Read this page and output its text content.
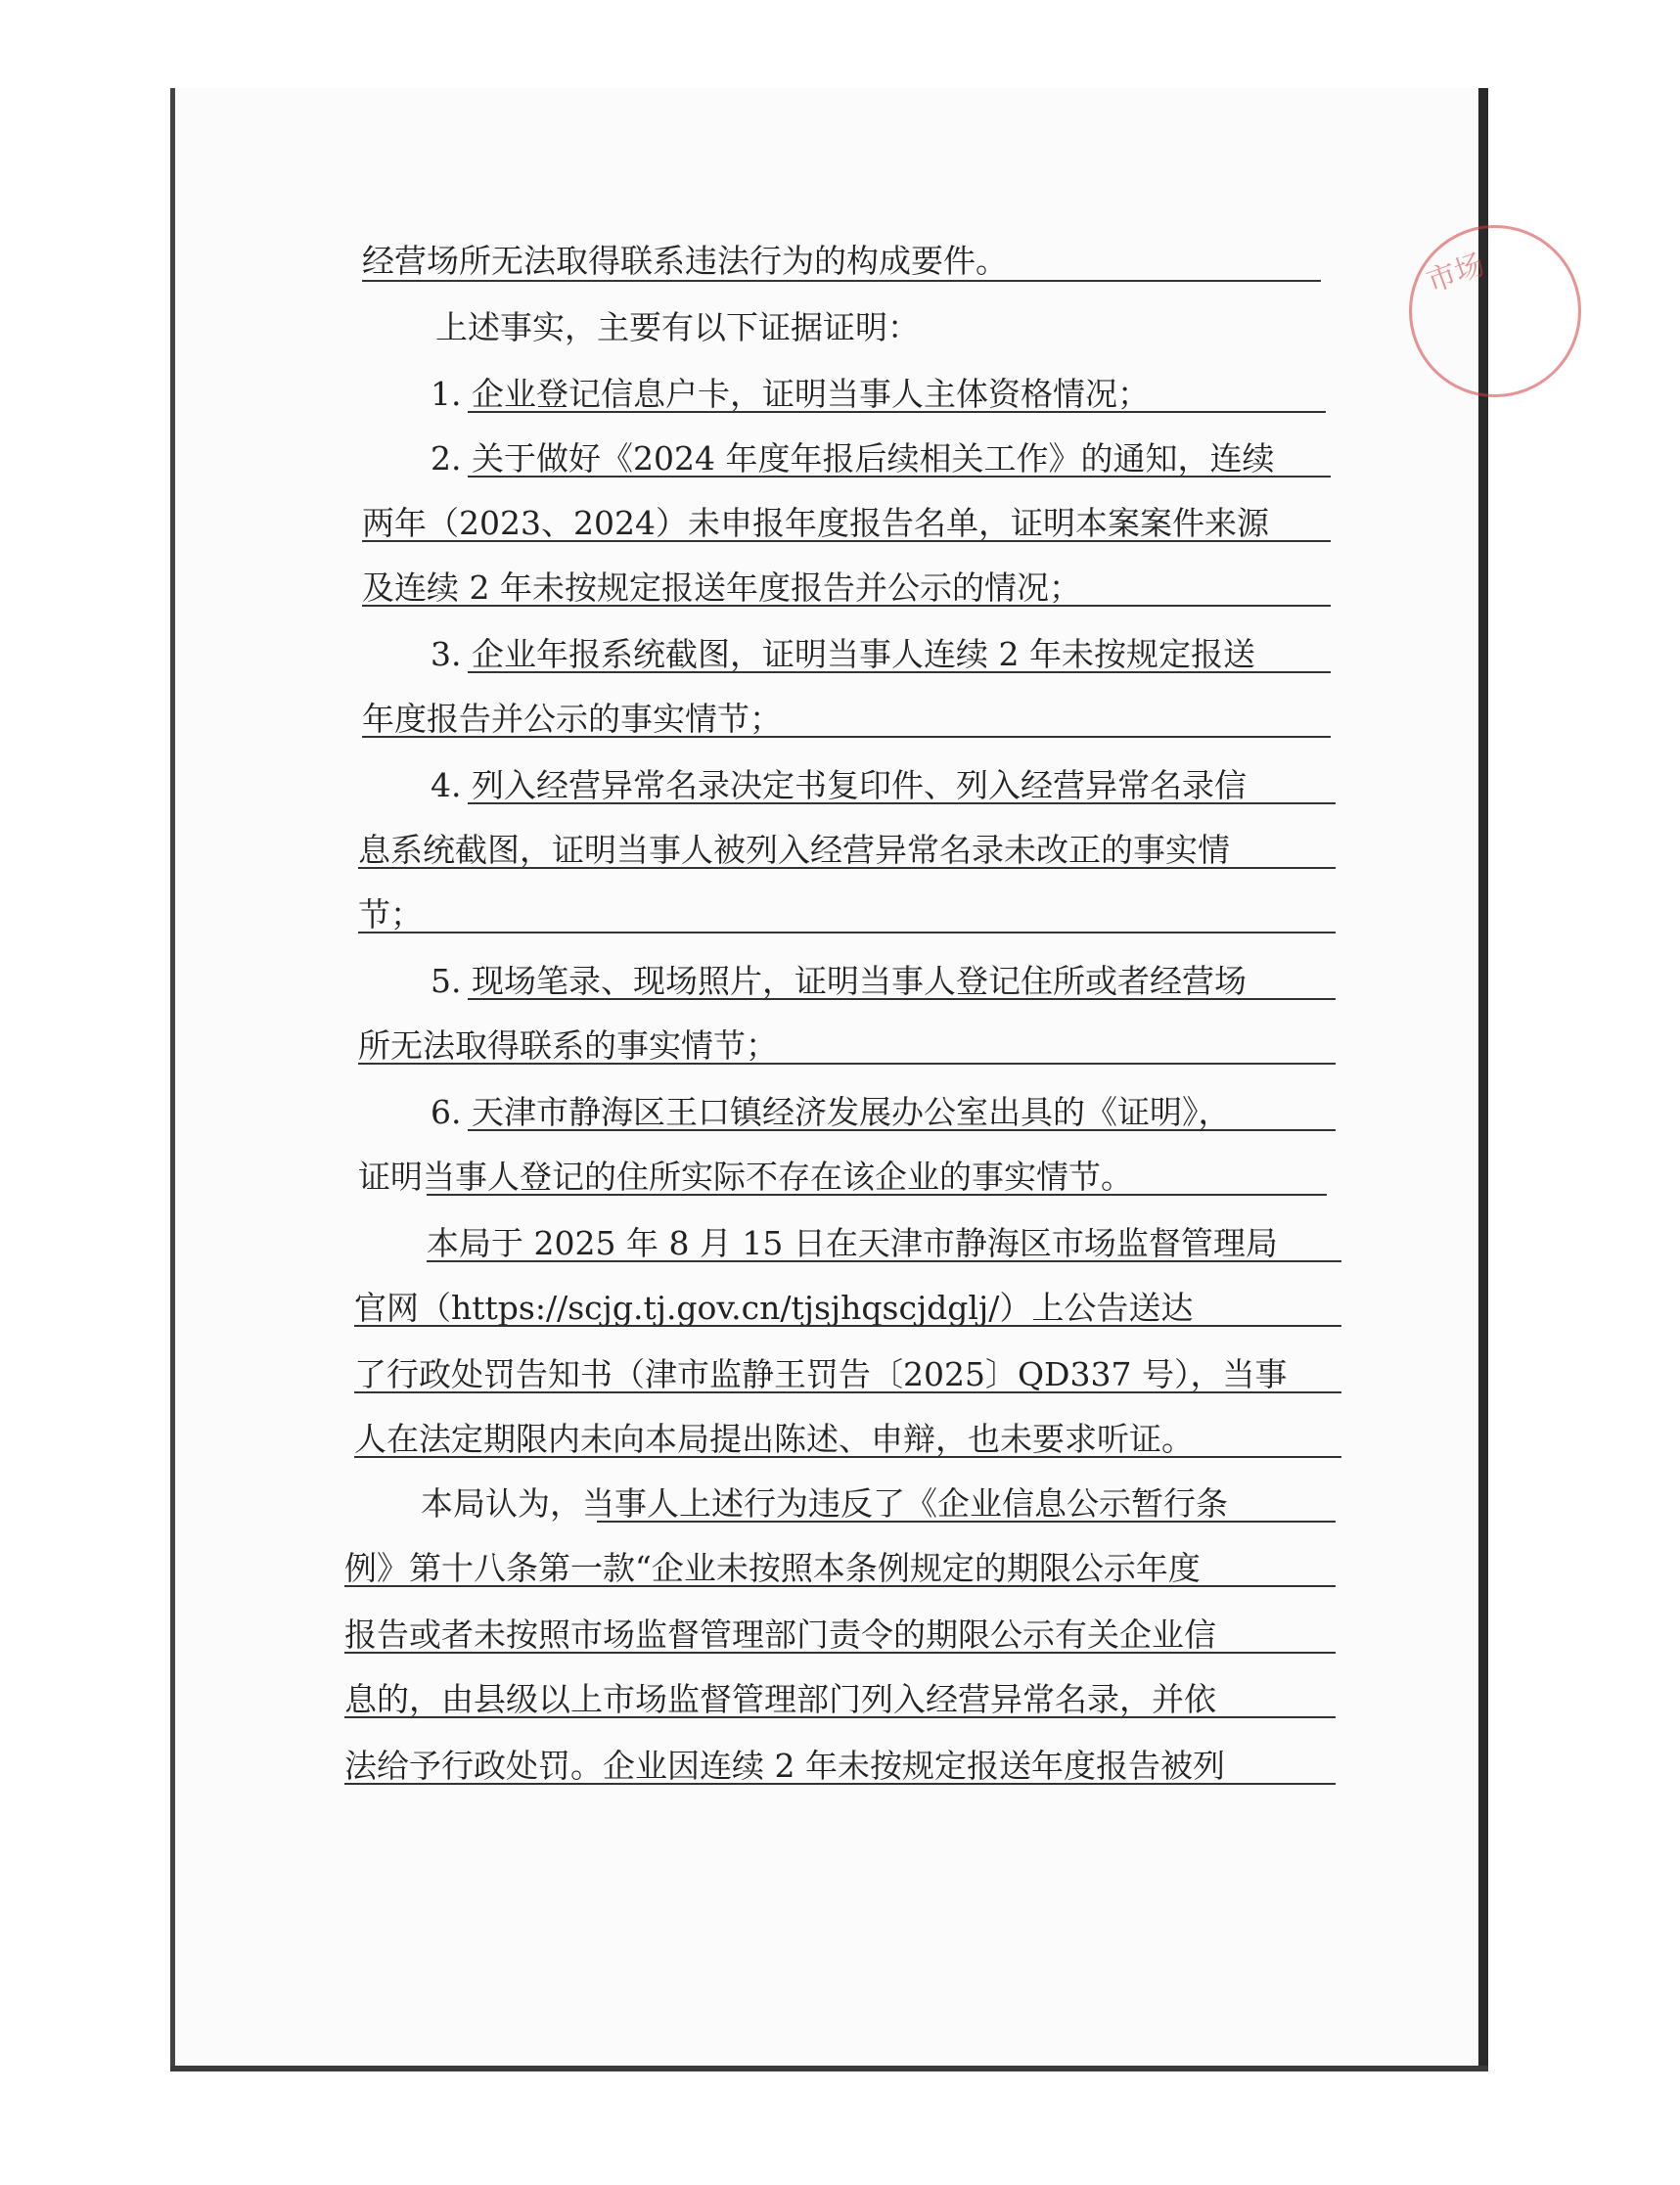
市场
经营场所无法取得联系违法行为的构成要件。
上述事实，主要有以下证据证明：
1. 企业登记信息户卡，证明当事人主体资格情况；
2. 关于做好《2024 年度年报后续相关工作》的通知，连续
两年（2023、2024）未申报年度报告名单，证明本案案件来源
及连续 2 年未按规定报送年度报告并公示的情况；
3. 企业年报系统截图，证明当事人连续 2 年未按规定报送
年度报告并公示的事实情节；
4. 列入经营异常名录决定书复印件、列入经营异常名录信
息系统截图，证明当事人被列入经营异常名录未改正的事实情
节；
5. 现场笔录、现场照片，证明当事人登记住所或者经营场
所无法取得联系的事实情节；
6. 天津市静海区王口镇经济发展办公室出具的《证明》，
证明当事人登记的住所实际不存在该企业的事实情节。
本局于 2025 年 8 月 15 日在天津市静海区市场监督管理局
官网（https://scjg.tj.gov.cn/tjsjhqscjdglj/）上公告送达
了行政处罚告知书（津市监静王罚告〔2025〕QD337 号），当事
人在法定期限内未向本局提出陈述、申辩，也未要求听证。
本局认为，当事人上述行为违反了《企业信息公示暂行条
例》第十八条第一款“企业未按照本条例规定的期限公示年度
报告或者未按照市场监督管理部门责令的期限公示有关企业信
息的，由县级以上市场监督管理部门列入经营异常名录，并依
法给予行政处罚。企业因连续 2 年未按规定报送年度报告被列
